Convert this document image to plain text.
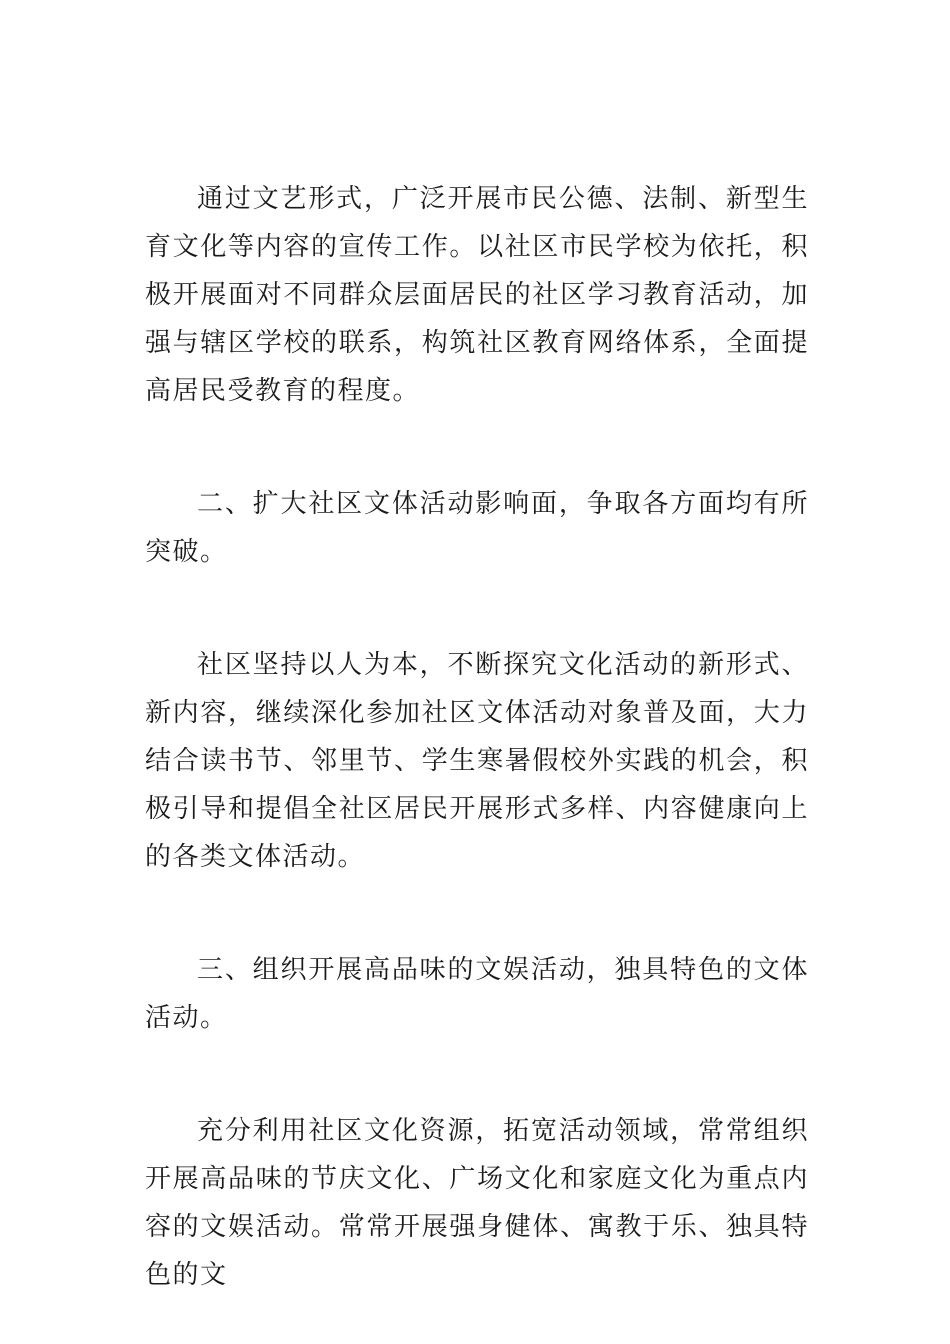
通过文艺形式，广泛开展市民公德、法制、新型生育文化等内容的宣传工作。以社区市民学校为依托，积极开展面对不同群众层面居民的社区学习教育活动，加强与辖区学校的联系，构筑社区教育网络体系，全面提高居民受教育的程度。

二、扩大社区文体活动影响面，争取各方面均有所突破。

社区坚持以人为本，不断探究文化活动的新形式、新内容，继续深化参加社区文体活动对象普及面，大力结合读书节、邻里节、学生寒暑假校外实践的机会，积极引导和提倡全社区居民开展形式多样、内容健康向上的各类文体活动。

三、组织开展高品味的文娱活动，独具特色的文体活动。

充分利用社区文化资源，拓宽活动领域，常常组织开展高品味的节庆文化、广场文化和家庭文化为重点内容的文娱活动。常常开展强身健体、寓教于乐、独具特色的文
